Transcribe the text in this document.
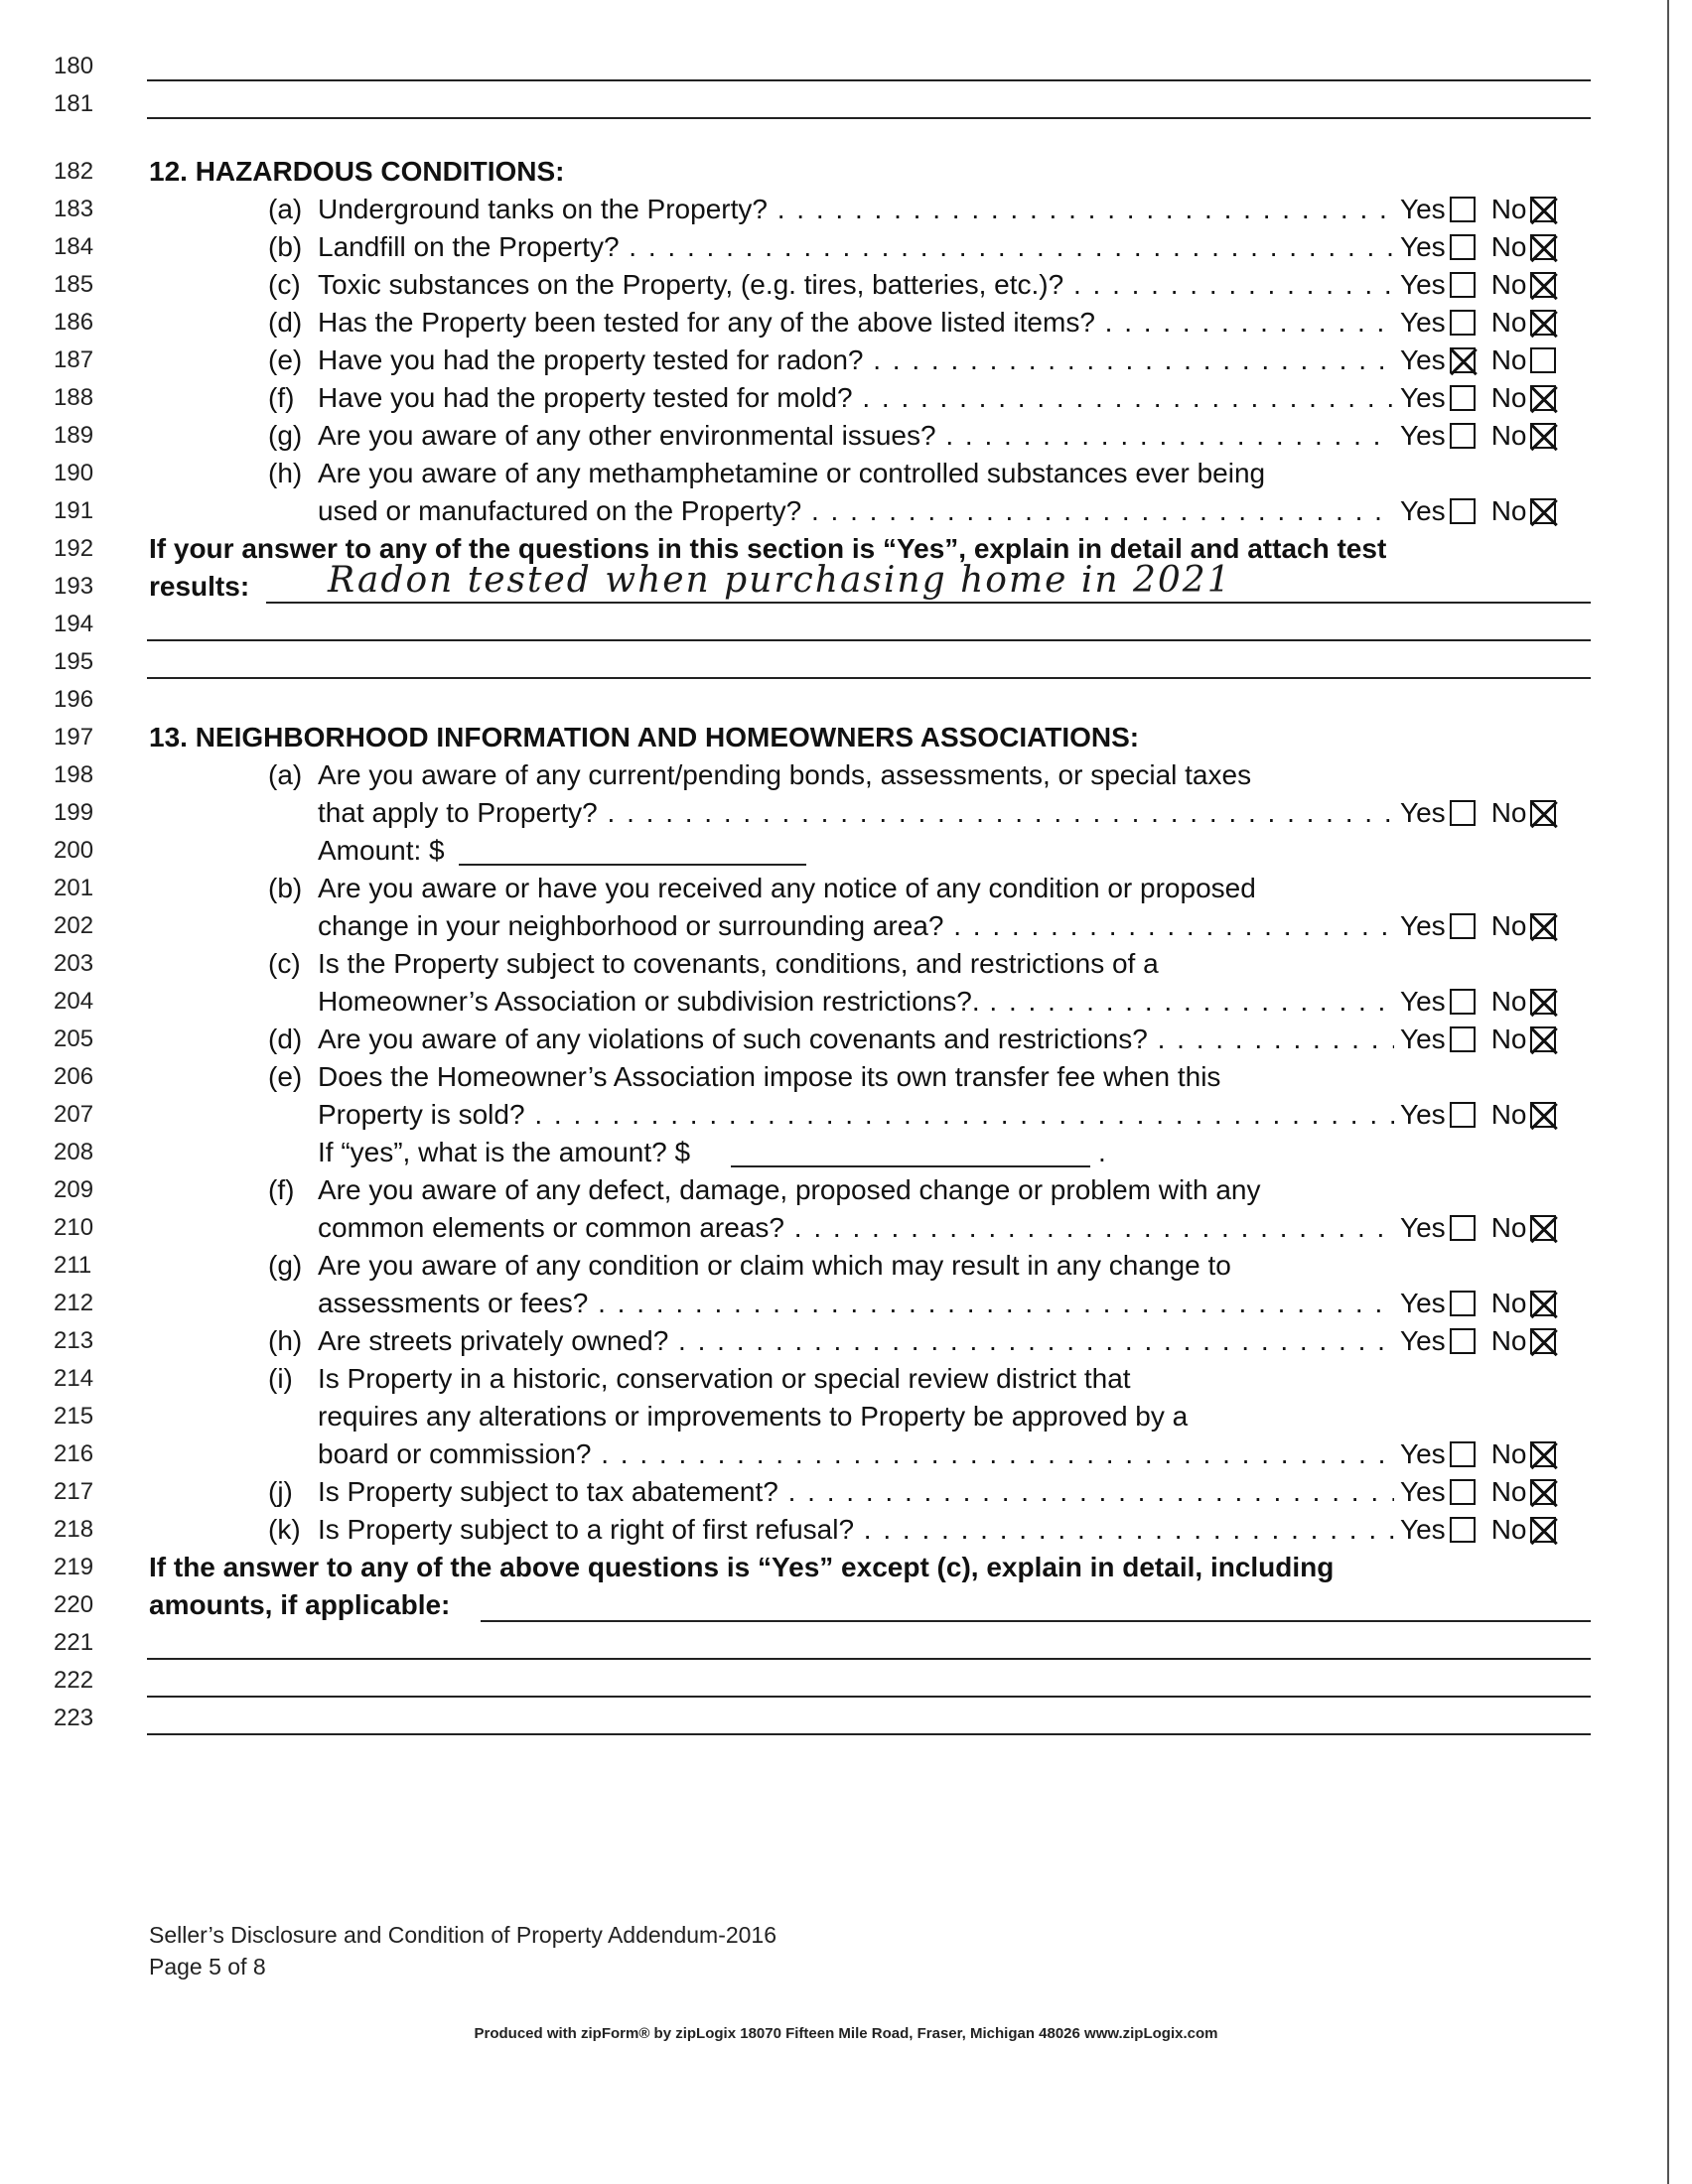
180
181
182	12. HAZARDOUS CONDITIONS:
183	(a) Underground tanks on the Property? . . .	Yes No
184	(b) Landfill on the Property? . . .	Yes No
185	(c) Toxic substances on the Property, (e.g. tires, batteries, etc.)? . . .	Yes No
186	(d) Has the Property been tested for any of the above listed items? . . .	Yes No
187	(e) Have you had the property tested for radon? . . .	Yes No
188	(f) Have you had the property tested for mold? . . .	Yes No
189	(g) Are you aware of any other environmental issues? . . .	Yes No
190	(h) Are you aware of any methamphetamine or controlled substances ever being
191	used or manufactured on the Property? . . .	Yes No
192	If your answer to any of the questions in this section is “Yes”, explain in detail and attach test
193	results: Radon tested when purchasing home in 2021
194
195
196
197	13. NEIGHBORHOOD INFORMATION AND HOMEOWNERS ASSOCIATIONS:
198	(a) Are you aware of any current/pending bonds, assessments, or special taxes
199	that apply to Property? . . .	Yes No
200	Amount: $
201	(b) Are you aware or have you received any notice of any condition or proposed
202	change in your neighborhood or surrounding area? . . .	Yes No
203	(c) Is the Property subject to covenants, conditions, and restrictions of a
204	Homeowner’s Association or subdivision restrictions?. . . .	Yes No
205	(d) Are you aware of any violations of such covenants and restrictions? . . .	Yes No
206	(e) Does the Homeowner’s Association impose its own transfer fee when this
207	Property is sold? . . .	Yes No
208	If “yes”, what is the amount? $	.
209	(f) Are you aware of any defect, damage, proposed change or problem with any
210	common elements or common areas? . . .	Yes No
211	(g) Are you aware of any condition or claim which may result in any change to
212	assessments or fees? . . .	Yes No
213	(h) Are streets privately owned? . . .	Yes No
214	(i) Is Property in a historic, conservation or special review district that
215	requires any alterations or improvements to Property be approved by a
216	board or commission? . . .	Yes No
217	(j) Is Property subject to tax abatement? . . .	Yes No
218	(k) Is Property subject to a right of first refusal? . . .	Yes No
219	If the answer to any of the above questions is “Yes” except (c), explain in detail, including
220	amounts, if applicable:
221
222
223
Seller’s Disclosure and Condition of Property Addendum-2016
Page 5 of 8
Produced with zipForm® by zipLogix 18070 Fifteen Mile Road, Fraser, Michigan 48026 www.zipLogix.com
